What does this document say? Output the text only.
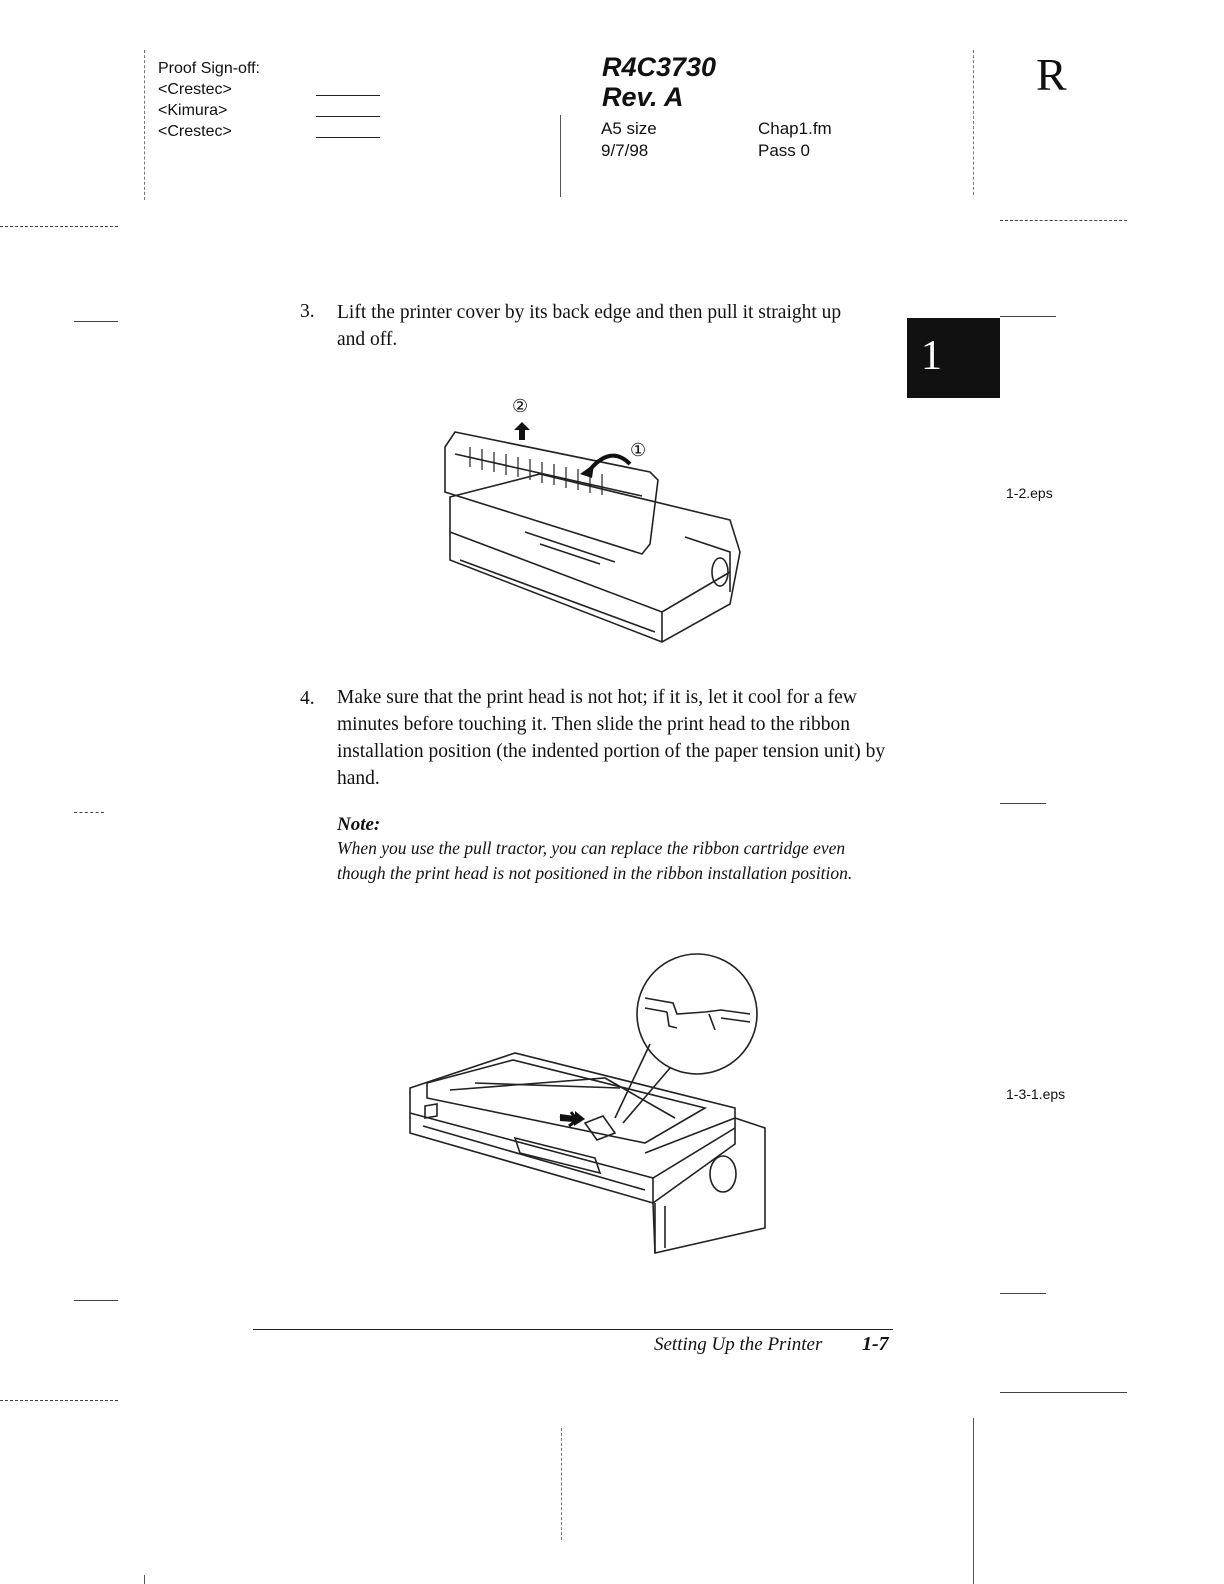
Proof Sign-off:
<Crestec>
<Kimura>
<Crestec>
R4C3730
Rev. A
A5 size
9/7/98
Chap1.fm
Pass 0
R
1
3. Lift the printer cover by its back edge and then pull it straight up and off.
②
①
1-2.eps
4. Make sure that the print head is not hot; if it is, let it cool for a few minutes before touching it. Then slide the print head to the ribbon installation position (the indented portion of the paper tension unit) by hand.
Note:
When you use the pull tractor, you can replace the ribbon cartridge even though the print head is not positioned in the ribbon installation position.
1-3-1.eps
Setting Up the Printer 1-7
